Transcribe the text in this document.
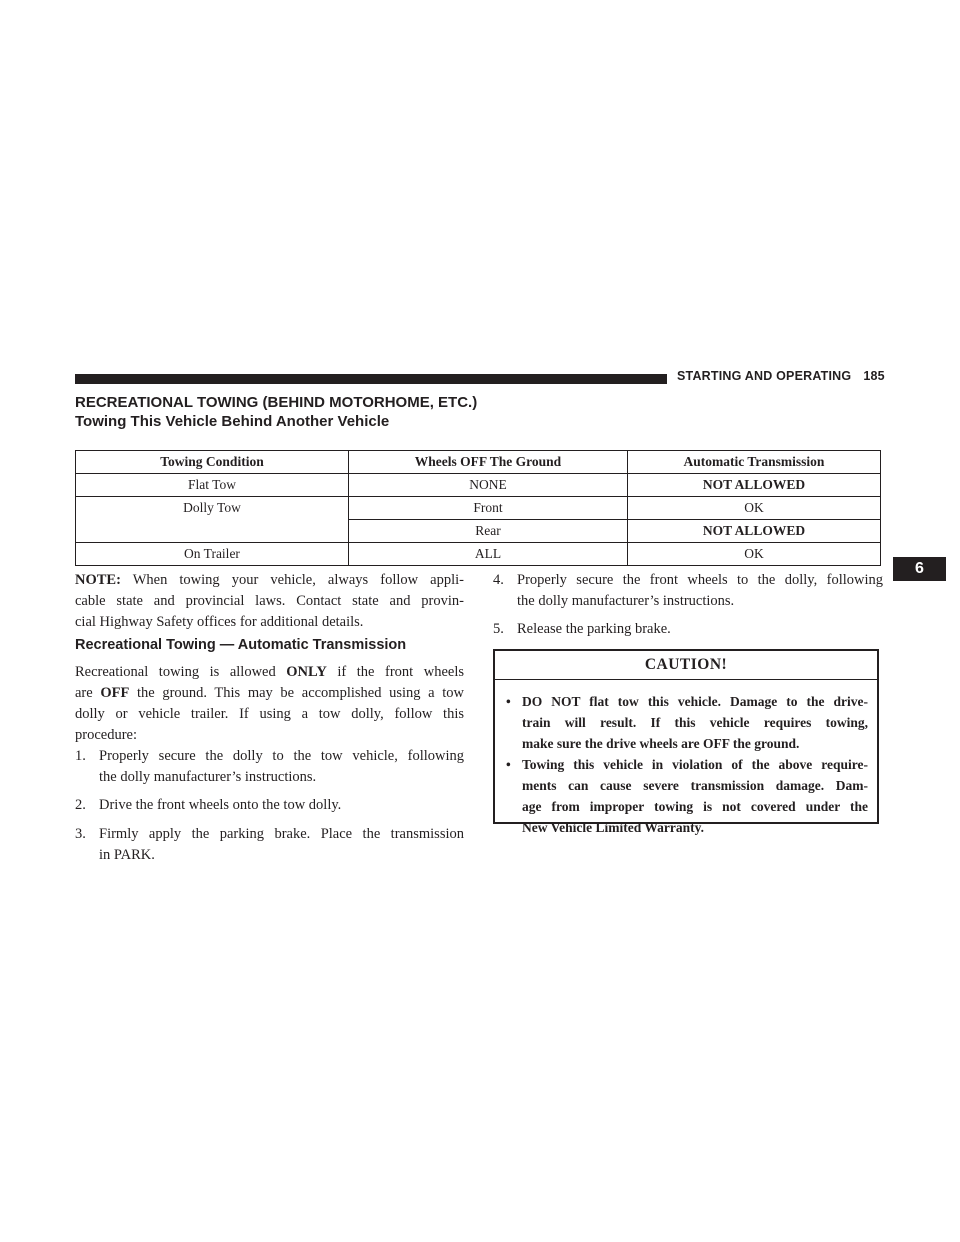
STARTING AND OPERATING 185
RECREATIONAL TOWING (BEHIND MOTORHOME, ETC.)
Towing This Vehicle Behind Another Vehicle
Towing Condition	Wheels OFF The Ground	Automatic Transmission
Flat Tow	NONE	NOT ALLOWED
Dolly Tow	Front	OK
	Rear	NOT ALLOWED
On Trailer	ALL	OK
NOTE: When towing your vehicle, always follow appli-
cable state and provincial laws. Contact state and provin-
cial Highway Safety offices for additional details.
Recreational Towing — Automatic Transmission
Recreational towing is allowed ONLY if the front wheels
are OFF the ground. This may be accomplished using a tow
dolly or vehicle trailer. If using a tow dolly, follow this
procedure:
1. Properly secure the dolly to the tow vehicle, following
the dolly manufacturer’s instructions.
2. Drive the front wheels onto the tow dolly.
3. Firmly apply the parking brake. Place the transmission
in PARK.
4. Properly secure the front wheels to the dolly, following
the dolly manufacturer’s instructions.
5. Release the parking brake.
CAUTION!
• DO NOT flat tow this vehicle. Damage to the drive-
train will result. If this vehicle requires towing,
make sure the drive wheels are OFF the ground.
• Towing this vehicle in violation of the above require-
ments can cause severe transmission damage. Dam-
age from improper towing is not covered under the
New Vehicle Limited Warranty.
6
